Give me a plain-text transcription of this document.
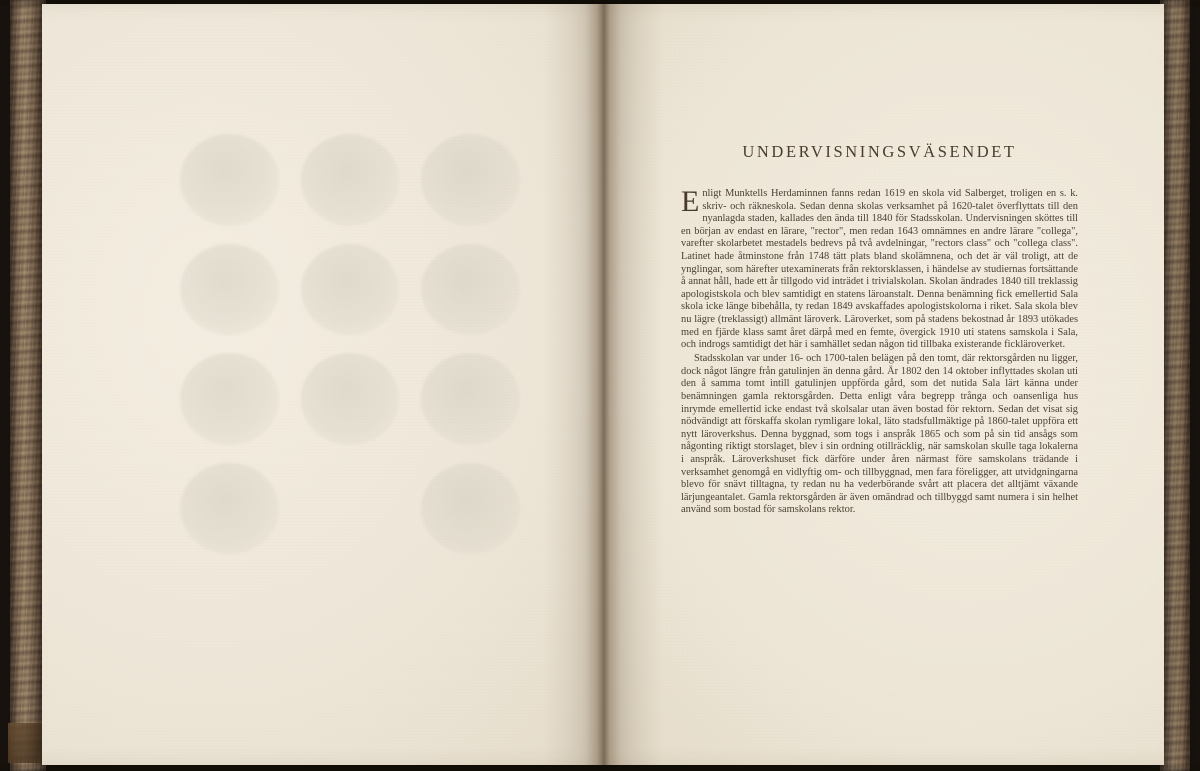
UNDERVISNINGSVÄSENDET

Enligt Munktells Herdaminnen fanns redan 1619 en skola vid Salberget, troligen en s. k. skriv- och räkneskola. Sedan denna skolas verksamhet på 1620-talet överflyttats till den nyanlagda staden, kallades den ända till 1840 för Stadsskolan. Undervisningen sköttes till en början av endast en lärare, "rector", men redan 1643 omnämnes en andre lärare "collega", varefter skolarbetet mestadels bedrevs på två avdelningar, "rectors class" och "collega class". Latinet hade åtminstone från 1748 tätt plats bland skolämnena, och det är väl troligt, att de ynglingar, som härefter utexaminerats från rektorsklassen, i händelse av studiernas fortsättande å annat håll, hade ett år tillgodo vid inträdet i trivialskolan. Skolan ändrades 1840 till treklassig apologistskola och blev samtidigt en statens läroanstalt. Denna benämning fick emellertid Sala skola icke länge bibehålla, ty redan 1849 avskaffades apologistskolorna i riket. Sala skola blev nu lägre (treklassigt) allmänt läroverk. Läroverket, som på stadens bekostnad år 1893 utökades med en fjärde klass samt året därpå med en femte, övergick 1910 uti statens samskola i Sala, och indrogs samtidigt det här i samhället sedan någon tid tillbaka existerande fickläroverket.

Stadsskolan var under 16- och 1700-talen belägen på den tomt, där rektorsgården nu ligger, dock något längre från gatulinjen än denna gård. Är 1802 den 14 oktober inflyttades skolan uti den å samma tomt intill gatulinjen uppförda gård, som det nutida Sala lärt känna under benämningen gamla rektorsgården. Detta enligt våra begrepp trånga och oansenliga hus inrymde emellertid icke endast två skolsalar utan även bostad för rektorn. Sedan det visat sig nödvändigt att förskaffa skolan rymligare lokal, läto stadsfullmäktige på 1860-talet uppföra ett nytt läroverkshus. Denna byggnad, som togs i anspråk 1865 och som på sin tid ansågs som någonting riktigt storslaget, blev i sin ordning otillräcklig, när samskolan skulle taga lokalerna i anspråk. Läroverkshuset fick därföre under åren närmast före samskolans trädande i verksamhet genomgå en vidlyftig om- och tillbyggnad, men fara föreligger, att utvidgningarna blevo för snävt tilltagna, ty redan nu ha vederbörande svårt att placera det alltjämt växande lärjungeantalet. Gamla rektorsgården är även omändrad och tillbyggd samt numera i sin helhet använd som bostad för samskolans rektor.
